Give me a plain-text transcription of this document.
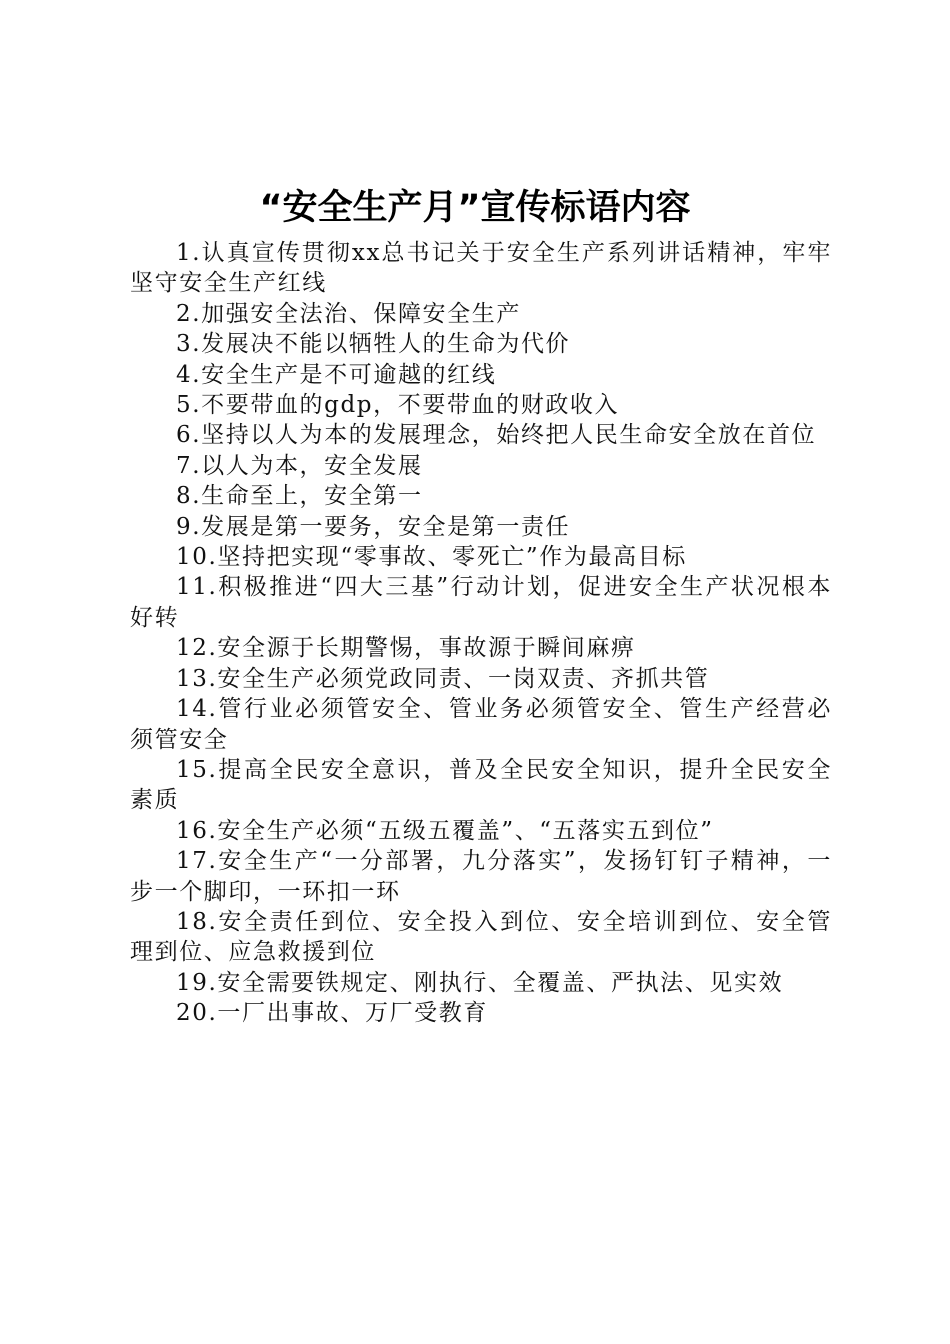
“安全生产月”宣传标语内容
1.认真宣传贯彻xx总书记关于安全生产系列讲话精神，牢牢坚守安全生产红线
2.加强安全法治、保障安全生产
3.发展决不能以牺牲人的生命为代价
4.安全生产是不可逾越的红线
5.不要带血的gdp，不要带血的财政收入
6.坚持以人为本的发展理念，始终把人民生命安全放在首位
7.以人为本，安全发展
8.生命至上，安全第一
9.发展是第一要务，安全是第一责任
10.坚持把实现“零事故、零死亡”作为最高目标
11.积极推进“四大三基”行动计划，促进安全生产状况根本好转
12.安全源于长期警惕，事故源于瞬间麻痹
13.安全生产必须党政同责、一岗双责、齐抓共管
14.管行业必须管安全、管业务必须管安全、管生产经营必须管安全
15.提高全民安全意识，普及全民安全知识，提升全民安全素质
16.安全生产必须“五级五覆盖”、“五落实五到位”
17.安全生产“一分部署，九分落实”，发扬钉钉子精神，一步一个脚印，一环扣一环
18.安全责任到位、安全投入到位、安全培训到位、安全管理到位、应急救援到位
19.安全需要铁规定、刚执行、全覆盖、严执法、见实效
20.一厂出事故、万厂受教育
